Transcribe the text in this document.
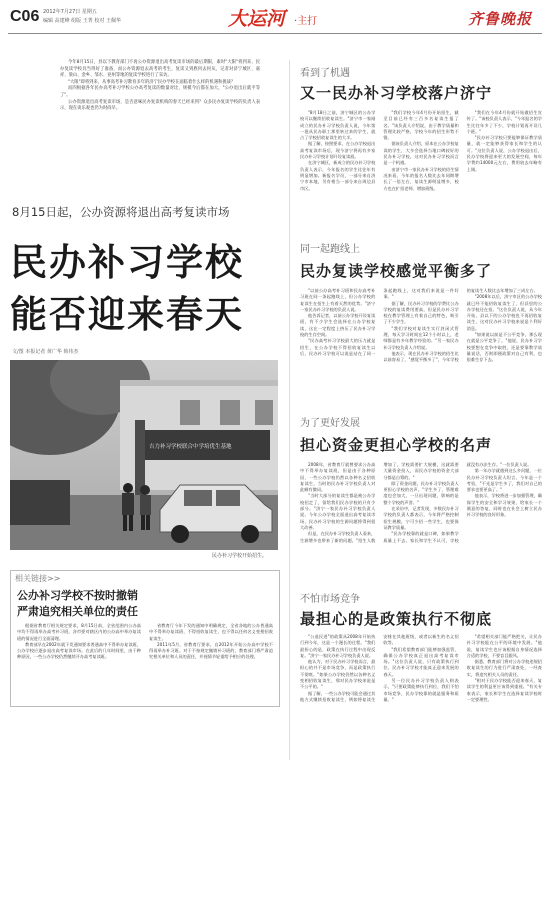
C06 2012年7月27日 星期五
编辑 高建峰 组版 王菁 校对 王佩华	大运河 ·主打	齐鲁晚报

今年8月15日，县以下教育部门不再公办资源退出高考复读市场的最后期限，素时"大限"将到来，民办复读学校具当得好了准备，而公办资源退去高考的考生，复读又到底何去何从，记者对济宁城区、嘉祥、梁山、金乡、邹水、兖州等地的复读学校进行了采访。

"大限"即将到来，从事高考补习教育多年的济宁民办学校在面临着什么样的机遇和挑战？

而四根据各年民办高考补习学校公办高考复读的数量对比，规模今后都在加大，"公办退出后就平等了"。

公办资源退出高考复读市场，是否意味民办复读机构的春天已经来到？众多民办复读学校的负责人表示，现在谈乐观也仍为时尚早。

8月15日起，公办资源将退出高考复读市场
民办补习学校
能否迎来春天
文/图 本报记者 黄广华 韩伟杰
吉力补习学校联合中学培优生基地
民办补习学校开始招生。
相关链接>>
公办补习学校不按时撤销
严肃追究相关单位的责任

根据省教育厅相关规定要求，8月15日前，全省范围内公办高中均不得再举办高考补习班，各市要对辖区内的公办高中举办复读班的情况进行全面清理。

教育部早在2002年就下发通知要求普通高中不得举办复读班，公办学校应逐步退出高考复读市场。在此后的几年时间里，由于种种原因，一些公办学校仍然继续开办高考复读班。

省教育厅今年下发的通知中明确规定，全省各地的公办普通高中不得举办复读班、不得招收复读生，也不得以任何名义变相招收复读生。

2011年5月，省教育厅要求，自2012年开始公办高中学校不得再举办补习班。对于不按规定撤销补习班的，教育部门将严肃追究相关单位和人员的责任，并视情节轻重给予相应的处理。

看到了机遇
又一民办补习学校落户济宁

"8月18日之前，济宁城区的公办学校可以继续招收复读生。"济宁市一家刚成立的民办补习学校负责人说，今年第一批从民办职工那里转过来的学生，就占了学校招收复读生的大半。

据了解，按照要求，在公办学校退出高考复读市场后，现今济宁将再有多家民办补习学校计划开设复读班。

在济宁城区，新成立的民办补习学校负责人表示，今年报名的学生比往年有明显增加。新报名学员，一部分来自济宁市本地，另有相当一部分来自周边县市区。

"我们学校今年4月份开始招生，截至目前已经有三百多名复读生报了名。"该负责人介绍说，由于教学质量和管理比较严格，学校今年的招生形势不错。

据该负责人介绍，原本在公办学校复读的学生，大多会选择当地口碑较好的民办补习学校，这对民办补习学校而言是一个机遇。

由济宁市一家民办补习学校的招生情况来看，今年的报名人数比去年同期增长了一倍左右，复读生源明显增多，校方也在扩招老师、增加班级。

"我们在今年4月份就开始做招生宣传了。"该校负责人表示，"今年报名的学生比往年多了不少，学校计划再开设几个班。"

"民办补习学校只要能够保证教学质量，就一定能够获得家长和学生的认可。"这位负责人说，公办学校退出后，民办学校将迎来更大的发展空间，每年学费约14000元左右，费用较去年略有上调。

同一起跑线上
民办复读学校感觉平衡多了

"以前公办高考补习班和民办高考补习班在同一条起跑线上，但公办学校的复读生在招生上有着天然的优势。"济宁一家民办补习学校的负责人说。

他告诉记者，以前公办学校开设复读班，有不少学生会选择在公办学校复读，这在一定程度上挤压了民办补习学校的生存空间。

"民办高考补习学校最大的压力就是招生，在公办学校不得招收复读生以后，民办补习学校可以说是站在了同一条起跑线上，这对我们来说是一件好事。"

据了解，民办补习学校的学费比公办学校的复读费用要高，但是民办补习学校在教学管理上有着自己的特色，吸引了不少学生。

"我们学校对复读生实行封闭式管理，每天学习时间在12个小时以上，老师都是有多年教学经验的。"另一家民办补习学校负责人介绍说。

他表示，现在民办补习学校的招生比以前容易了，"感觉平衡多了"，今年学校的复读生人数比去年增加了三成左右。

"2008年以后，济宁市区的公办学校就已经不能招收复读生了，但县里的公办学校还在招。"这位负责人说，从今年开始，县以下的公办学校也不再招收复读生，这对民办补习学校来说是个利好消息。

"如果说以前是不公平竞争，那么现在就是公平竞争了。"他说，民办补习学校要想在竞争中取胜，还是要靠教学质量说话，否则即便政策对自己有利，也很难生存下去。

为了更好发展
担心资金更担心学校的名声

2008年，省教育厅就曾要求公办高中不得举办复读班，但是由于各种原因，一些公办学校仍然以各种名义招收复读生，当时的民办补习学校负责人对此颇有微词。

"当时大部分的复读生都是被公办学校招走了，留给我们民办学校的只有少部分。"济宁一家民办补习学校负责人说。今年公办学校全面退出高考复读市场，民办补习学校的生源问题将得到很大改善。

但是，在民办补习学校负责人看来，生源增多也带来了新的问题。"招生人数增加了，学校需要扩大规模，这就需要大量资金投入，而民办学校的资金大部分都是自筹的。"

除了资金问题，民办补习学校负责人更担心学校的名声。"学生多了，管理难度也会加大，一旦出现问题，影响的是整个学校的声誉。"

在采访中，记者发现，多数民办补习学校的负责人都表示，今年将严格控制招生规模，宁可少招一些学生，也要保证教学质量。

"民办学校靠的就是口碑，如果教学质量上不去，家长和学生不认可，学校就没有办法生存。"一位负责人说。

第一年办学就遇到这么多问题，一位民办补习学校负责人坦言，今年是一个考验，"不光是学生多了，我们对自己的要求也要更高了。"

他表示，学校将进一步加强管理，确保学生的安全和学习效果，给家长一个满意的答复，同时也在社会上树立民办补习学校的良好形象。

不怕市场竞争
最担心的是政策执行不彻底

"公退民进"的政策从2008年开始执行到今年，这是一个漫长的过程。"我们最担心的是，政策在执行过程中出现反复。"济宁一家民办补习学校负责人说。

他认为，对于民办补习学校而言，最担心的并不是市场竞争，而是政策执行不彻底。"如果公办学校仍然以各种名义变相招收复读生，那对民办学校来说是不公平的。"

据了解，一些公办学校可能会通过其他方式继续招收复读生，例如将复读生安排在其他班级，或者以新生的名义招收等。

"我们希望教育部门能够加强监管，确保公办学校真正退出高考复读市场。"这位负责人说，只有政策执行到位，民办补习学校才能真正迎来发展的春天。

另一位民办补习学校负责人则表示，"只要政策能够执行到位，我们不怕市场竞争，民办学校靠的就是服务和质量。"

"希望相关部门能严格把关，让民办补习学校能在公平的环境中发展。"他说，复读学生也应该根据自身情况选择合适的学校，不要盲目跟风。

据悉，教育部门将对公办学校违规招收复读生的行为进行严肃查处，一经查实，将追究相关人员的责任。

"相对于民办学校能否迎来春天，复读学生的利益更应该得到重视。"有关专家表示，家长和学生在选择复读学校时一定要理性。
